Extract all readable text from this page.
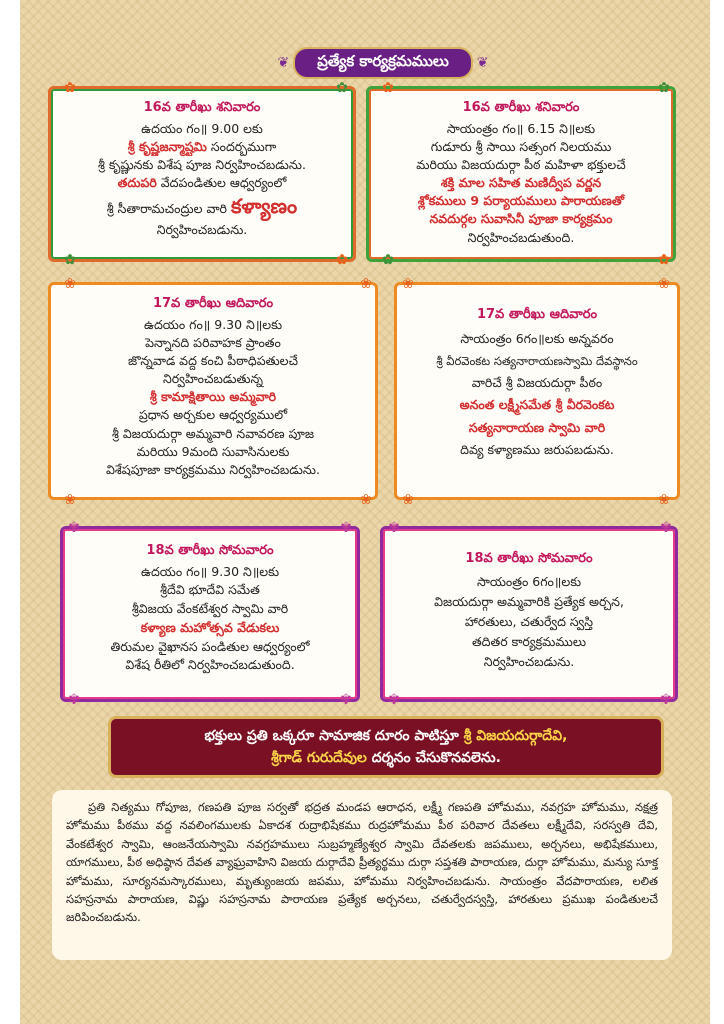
❦	ప్రత్యేక కార్యక్రమములు	❦
16వ తారీఖు శనివారం
ఉదయం గం॥ 9.00 లకు
శ్రీ కృష్ణజన్మాష్టమి సందర్భముగా
శ్రీ కృష్ణునకు విశేష పూజ నిర్వహించబడును.
తదుపరి వేదపండితుల ఆధ్వర్యంలో
శ్రీ సీతారామచంద్రుల వారి కళ్యాణం
నిర్వహించబడును.
16వ తారీఖు శనివారం
సాయంత్రం గం॥ 6.15 ని॥లకు
గుడూరు శ్రీ సాయి సత్సంగ నిలయము
మరియు విజయదుర్గా పీఠ మహిళా భక్తులచే
శక్తి మాల సహిత మణిద్వీప వర్ణన
శ్లోకములు 9 పర్యాయములు పారాయణతో
నవదుర్గల సువాసినీ పూజా కార్యక్రమం
నిర్వహించబడుతుంది.
17వ తారీఖు ఆదివారం
ఉదయం గం॥ 9.30 ని॥లకు
పెన్నానది పరివాహక ప్రాంతం
జొన్నవాడ వద్ద కంచి పీఠాధిపతులచే
నిర్వహించబడుతున్న
శ్రీ కామాక్షితాయి అమ్మవారి
ప్రధాన అర్చకుల ఆధ్వర్యములో
శ్రీ విజయదుర్గా అమ్మవారి నవావరణ పూజ
మరియు 9మంది సువాసినులకు
విశేషపూజా కార్యక్రమము నిర్వహించబడును.
17వ తారీఖు ఆదివారం
సాయంత్రం 6గం॥లకు అన్నవరం
శ్రీ వీరవెంకట సత్యనారాయణస్వామి దేవస్థానం
వారిచే శ్రీ విజయదుర్గా పీఠం
అనంత లక్ష్మీసమేత శ్రీ వీరవెంకట
సత్యనారాయణ స్వామి వారి
దివ్య కళ్యాణము జరుపబడును.
18వ తారీఖు సోమవారం
ఉదయం గం॥ 9.30 ని॥లకు
శ్రీదేవి భూదేవి సమేత
శ్రీవిజయ వేంకటేశ్వర స్వామి వారి
కళ్యాణ మహోత్సవ వేడుకలు
తిరుమల వైఖానస పండితుల ఆధ్వర్యంలో
విశేష రీతిలో నిర్వహించబడుతుంది.
18వ తారీఖు సోమవారం
సాయంత్రం 6గం॥లకు
విజయదుర్గా అమ్మవారికి ప్రత్యేక అర్చన,
హారతులు, చతుర్వేద స్వస్తి
తదితర కార్యక్రమములు
నిర్వహించబడును.
✿	✿ ✿	✿
✿	✿ ✿	✿
❀	❀ ❀	❀
❀	❀ ❀	❀
✾	✾	✾	✾
✾	✾	✾	✾
భక్తులు ప్రతి ఒక్కరూ సామాజిక దూరం పాటిస్తూ శ్రీ విజయదుర్గాదేవి,
శ్రీగాడ్ గురుదేవుల దర్శనం చేసుకొనవలెను.
ప్రతి నిత్యము గోపూజ, గణపతి పూజ సర్వతో భద్రత మండప ఆరాధన, లక్ష్మీ గణపతి హోమము, నవగ్రహ హోమము, నక్షత్ర హోమము పీఠము వద్ద నవలింగములకు ఏకాదశ రుద్రాభిషేకము రుద్రహోమము పీఠ పరివార దేవతలు లక్ష్మీదేవి, సరస్వతి దేవి, వేంకటేశ్వర స్వామి, ఆంజనేయస్వామి నవగ్రహములు సుబ్రహ్మణ్యేశ్వర స్వామి దేవతలకు జపములు, అర్చనలు, అభిషేకములు, యాగములు, పీఠ అధిష్ఠాన దేవత వ్యాఘ్రవాహిని విజయ దుర్గాదేవి ప్రీత్యర్థము దుర్గా సప్తశతి పారాయణ, దుర్గా హోమము, మన్యు సూక్త హోమము, సూర్యనమస్కారములు, మృత్యుంజయ జపము, హోమము నిర్వహించబడును. సాయంత్రం వేదపారాయణ, లలిత సహస్రనామ పారాయణ, విష్ణు సహస్రనామ పారాయణ ప్రత్యేక అర్చనలు, చతుర్వేదస్వస్తి, హారతులు ప్రముఖ పండితులచే జరిపించబడును.
